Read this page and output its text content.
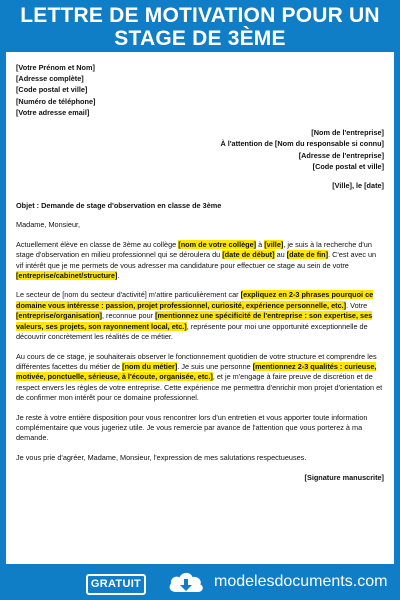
LETTRE DE MOTIVATION POUR UN STAGE DE 3ÈME
[Votre Prénom et Nom]
[Adresse complète]
[Code postal et ville]
[Numéro de téléphone]
[Votre adresse email]
[Nom de l'entreprise]
À l'attention de [Nom du responsable si connu]
[Adresse de l'entreprise]
[Code postal et ville]
[Ville], le [date]
Objet : Demande de stage d'observation en classe de 3ème
Madame, Monsieur,

Actuellement élève en classe de 3ème au collège [nom de votre collège] à [ville], je suis à la recherche d'un stage d'observation en milieu professionnel qui se déroulera du [date de début] au [date de fin]. C'est avec un vif intérêt que je me permets de vous adresser ma candidature pour effectuer ce stage au sein de votre [entreprise/cabinet/structure].

Le secteur de [nom du secteur d'activité] m'attire particulièrement car [expliquez en 2-3 phrases pourquoi ce domaine vous intéresse : passion, projet professionnel, curiosité, expérience personnelle, etc.]. Votre [entreprise/organisation], reconnue pour [mentionnez une spécificité de l'entreprise : son expertise, ses valeurs, ses projets, son rayonnement local, etc.], représente pour moi une opportunité exceptionnelle de découvrir concrètement les réalités de ce métier.

Au cours de ce stage, je souhaiterais observer le fonctionnement quotidien de votre structure et comprendre les différentes facettes du métier de [nom du métier]. Je suis une personne [mentionnez 2-3 qualités : curieuse, motivée, ponctuelle, sérieuse, à l'écoute, organisée, etc.], et je m'engage à faire preuve de discrétion et de respect envers les règles de votre entreprise. Cette expérience me permettra d'enrichir mon projet d'orientation et de confirmer mon intérêt pour ce domaine professionnel.

Je reste à votre entière disposition pour vous rencontrer lors d'un entretien et vous apporter toute information complémentaire que vous jugeriez utile. Je vous remercie par avance de l'attention que vous porterez à ma demande.

Je vous prie d'agréer, Madame, Monsieur, l'expression de mes salutations respectueuses.

[Signature manuscrite]
GRATUIT	modelesdocuments.com
